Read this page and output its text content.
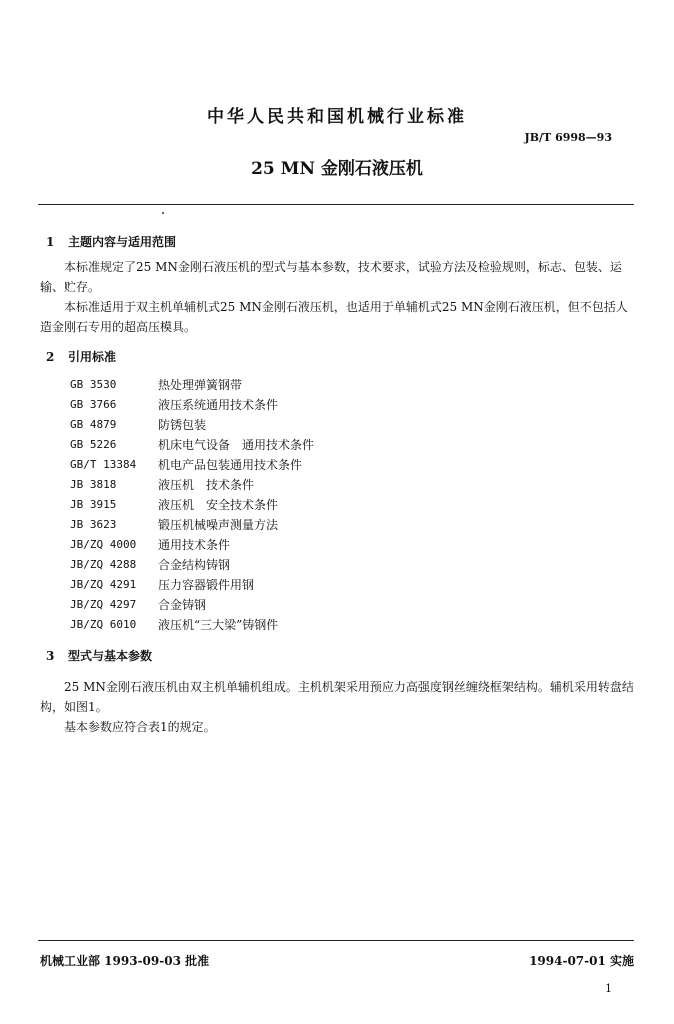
中华人民共和国机械行业标准
JB/T 6998—93
25 MN 金刚石液压机
1 主题内容与适用范围
本标准规定了25 MN金刚石液压机的型式与基本参数，技术要求，试验方法及检验规则，标志、包装、运输、贮存。
本标准适用于双主机单辅机式25 MN金刚石液压机，也适用于单辅机式25 MN金刚石液压机，但不包括人造金刚石专用的超高压模具。
2 引用标准
GB 3530	热处理弹簧钢带
GB 3766	液压系统通用技术条件
GB 4879	防锈包装
GB 5226	机床电气设备　通用技术条件
GB/T 13384	机电产品包装通用技术条件
JB 3818	液压机　技术条件
JB 3915	液压机　安全技术条件
JB 3623	锻压机械噪声测量方法
JB/ZQ 4000	通用技术条件
JB/ZQ 4288	合金结构铸钢
JB/ZQ 4291	压力容器锻件用钢
JB/ZQ 4297	合金铸钢
JB/ZQ 6010	液压机“三大梁”铸钢件
3 型式与基本参数
25 MN金刚石液压机由双主机单辅机组成。主机机架采用预应力高强度钢丝缠绕框架结构。辅机采用转盘结构，如图1。
基本参数应符合表1的规定。
机械工业部 1993-09-03 批准	1994-07-01 实施
1
